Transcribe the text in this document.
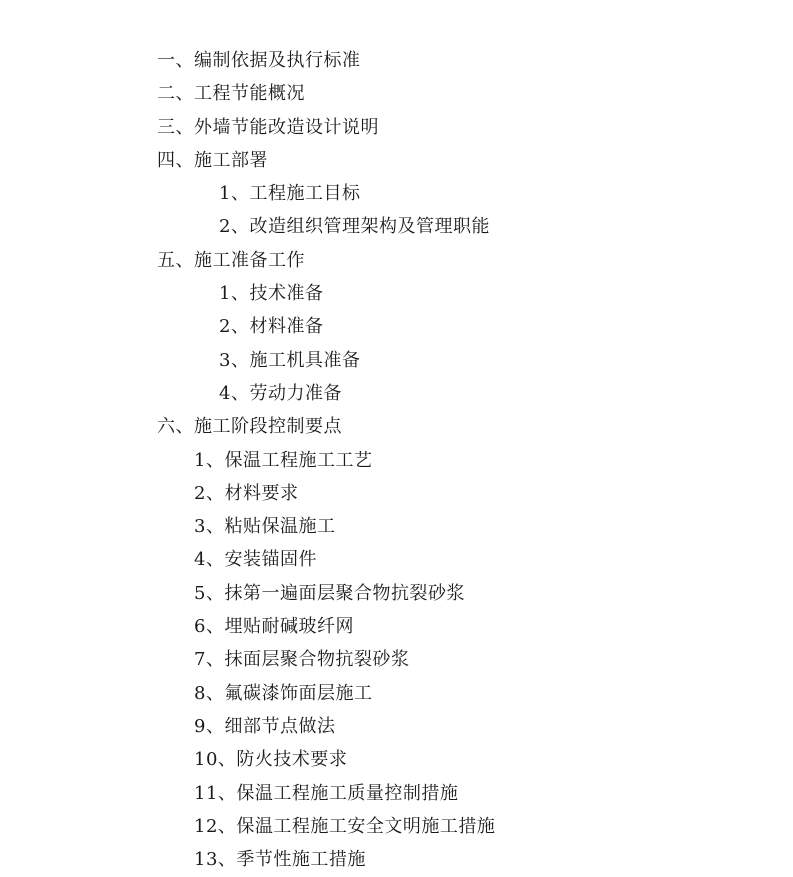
一、编制依据及执行标准
二、工程节能概况
三、外墙节能改造设计说明
四、施工部署
1、工程施工目标
2、改造组织管理架构及管理职能
五、施工准备工作
1、技术准备
2、材料准备
3、施工机具准备
4、劳动力准备
六、施工阶段控制要点
1、保温工程施工工艺
2、材料要求
3、粘贴保温施工
4、安装锚固件
5、抹第一遍面层聚合物抗裂砂浆
6、埋贴耐碱玻纤网
7、抹面层聚合物抗裂砂浆
8、氟碳漆饰面层施工
9、细部节点做法
10、防火技术要求
11、保温工程施工质量控制措施
12、保温工程施工安全文明施工措施
13、季节性施工措施
